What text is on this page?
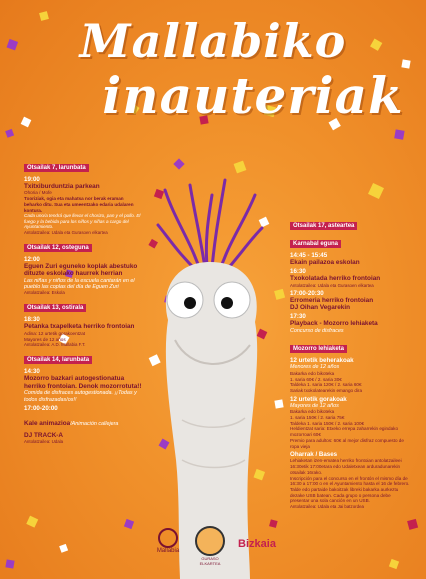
Mallabiko
inauteriak
Otsailak 7, larunbata
19:00
Txitxiburduntzia parkean
Ohoria / Mofe
Txoriziak, ogia eta mahatsa nor berak eraman beharko ditu. Sua eta umeentzako edaria udalaren kontura.
Cada uno/a tendrá que llevar el chorizo, pan y el pollo. El fuego y la bebida para los niños y niñas a cargo del Ayuntamiento.
Antolatzailea: Udala eta Gurasoen elkartea
Otsailak 12, osteguna
12:00
Eguen Zuri eguneko koplak abestuko dituzte eskolako haurrek herrian
Las niñas y niños de la escuela cantarán en el pueblo las coplas del día de Eguen Zuri
Antolatzailea: Eskola
Otsailak 13, ostirala
18:30
Petanka txapelketa herriko frontoian
Adina: 12 urtetik gorakoentzat
Mayores de 12 años
Antolatzailea: A.D. Mallabia F.T.
Otsailak 14, larunbata
14:30
Mozorro bazkari autogestionatua herriko frontoian. Denok mozorrotuta!!
Comida de disfraces autogestionada. ¡¡Todas y todos disfrazadas/os!!
17:00-20:00
Kale animazioa/Animación callejera
DJ TRACK-A
Antolatzailea: Udala
Otsailak 17, asteartea
Karnabal eguna
14:45 - 15:45
Ekain pailazoa eskolan
16:30
Txokolatada herriko frontoian
Antolatzailea: Udala eta Gurasoen elkartea
17:00-20:30
Erromeria herriko frontoian
DJ Oihan Vegarekin
17:30
Playback - Mozorro lehiaketa
Concurso de disfraces
Mozorro lehiaketa
12 urtetik beherakoak
Menores de 12 años
Bakarka edo bikoteka
1. saria 60€ / 2. saria 30€
Taldeka 1. saria 120€ / 2. saria 60€
Sariak txokolatearekin emango dira
12 urtetik gorakoak
Mayores de 12 años
Bakarka edo bikoteka
1. saria 150€ / 2. saria 75€
Taldeka 1. saria 150€ / 2. saria 100€
Heldientzat saria: Etxeko errepa zaharrekin egindako mozorroari 60€
Premio para adultos: 60€ al mejor disfraz compuesto de ropa vieja
Oharrak / Bases
Lehiaketan izen-ematea herriko frontoian antolatzaileei 16:30etik 17:00etara edo Udaletxean arduradunarekin otsailak 16rako.
Inscripción para el concurso en el frontón el mismo día de 16:30 a 17:00 o en el Ayuntamiento hasta el 16 de febrero.
Talde edo partaide bakoitzak libreki bakarka aurkeztu dezake USB batean. Cada grupo o persona debe presentar una sola canción en un USB.
Antolatzailea: Udala eta Jai batzordea
Mallabia
GURASO ELKARTEA
Bizkaia
